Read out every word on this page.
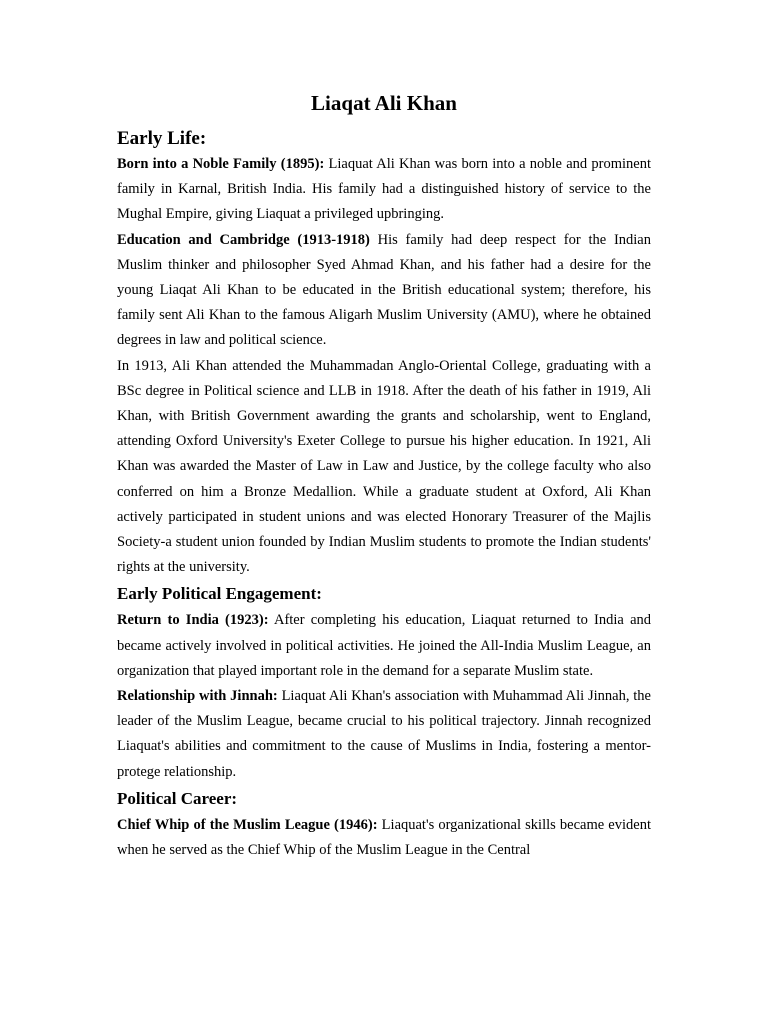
Liaqat Ali Khan
Early Life:

Born into a Noble Family (1895): Liaquat Ali Khan was born into a noble and prominent family in Karnal, British India. His family had a distinguished history of service to the Mughal Empire, giving Liaquat a privileged upbringing.

Education and Cambridge (1913-1918) His family had deep respect for the Indian Muslim thinker and philosopher Syed Ahmad Khan, and his father had a desire for the young Liaqat Ali Khan to be educated in the British educational system; therefore, his family sent Ali Khan to the famous Aligarh Muslim University (AMU), where he obtained degrees in law and political science.

In 1913, Ali Khan attended the Muhammadan Anglo-Oriental College, graduating with a BSc degree in Political science and LLB in 1918. After the death of his father in 1919, Ali Khan, with British Government awarding the grants and scholarship, went to England, attending Oxford University's Exeter College to pursue his higher education. In 1921, Ali Khan was awarded the Master of Law in Law and Justice, by the college faculty who also conferred on him a Bronze Medallion. While a graduate student at Oxford, Ali Khan actively participated in student unions and was elected Honorary Treasurer of the Majlis Society-a student union founded by Indian Muslim students to promote the Indian students' rights at the university.

Early Political Engagement:

Return to India (1923): After completing his education, Liaquat returned to India and became actively involved in political activities. He joined the All-India Muslim League, an organization that played important role in the demand for a separate Muslim state.

Relationship with Jinnah: Liaquat Ali Khan's association with Muhammad Ali Jinnah, the leader of the Muslim League, became crucial to his political trajectory. Jinnah recognized Liaquat's abilities and commitment to the cause of Muslims in India, fostering a mentor-protege relationship.

Political Career:

Chief Whip of the Muslim League (1946): Liaquat's organizational skills became evident when he served as the Chief Whip of the Muslim League in the Central
